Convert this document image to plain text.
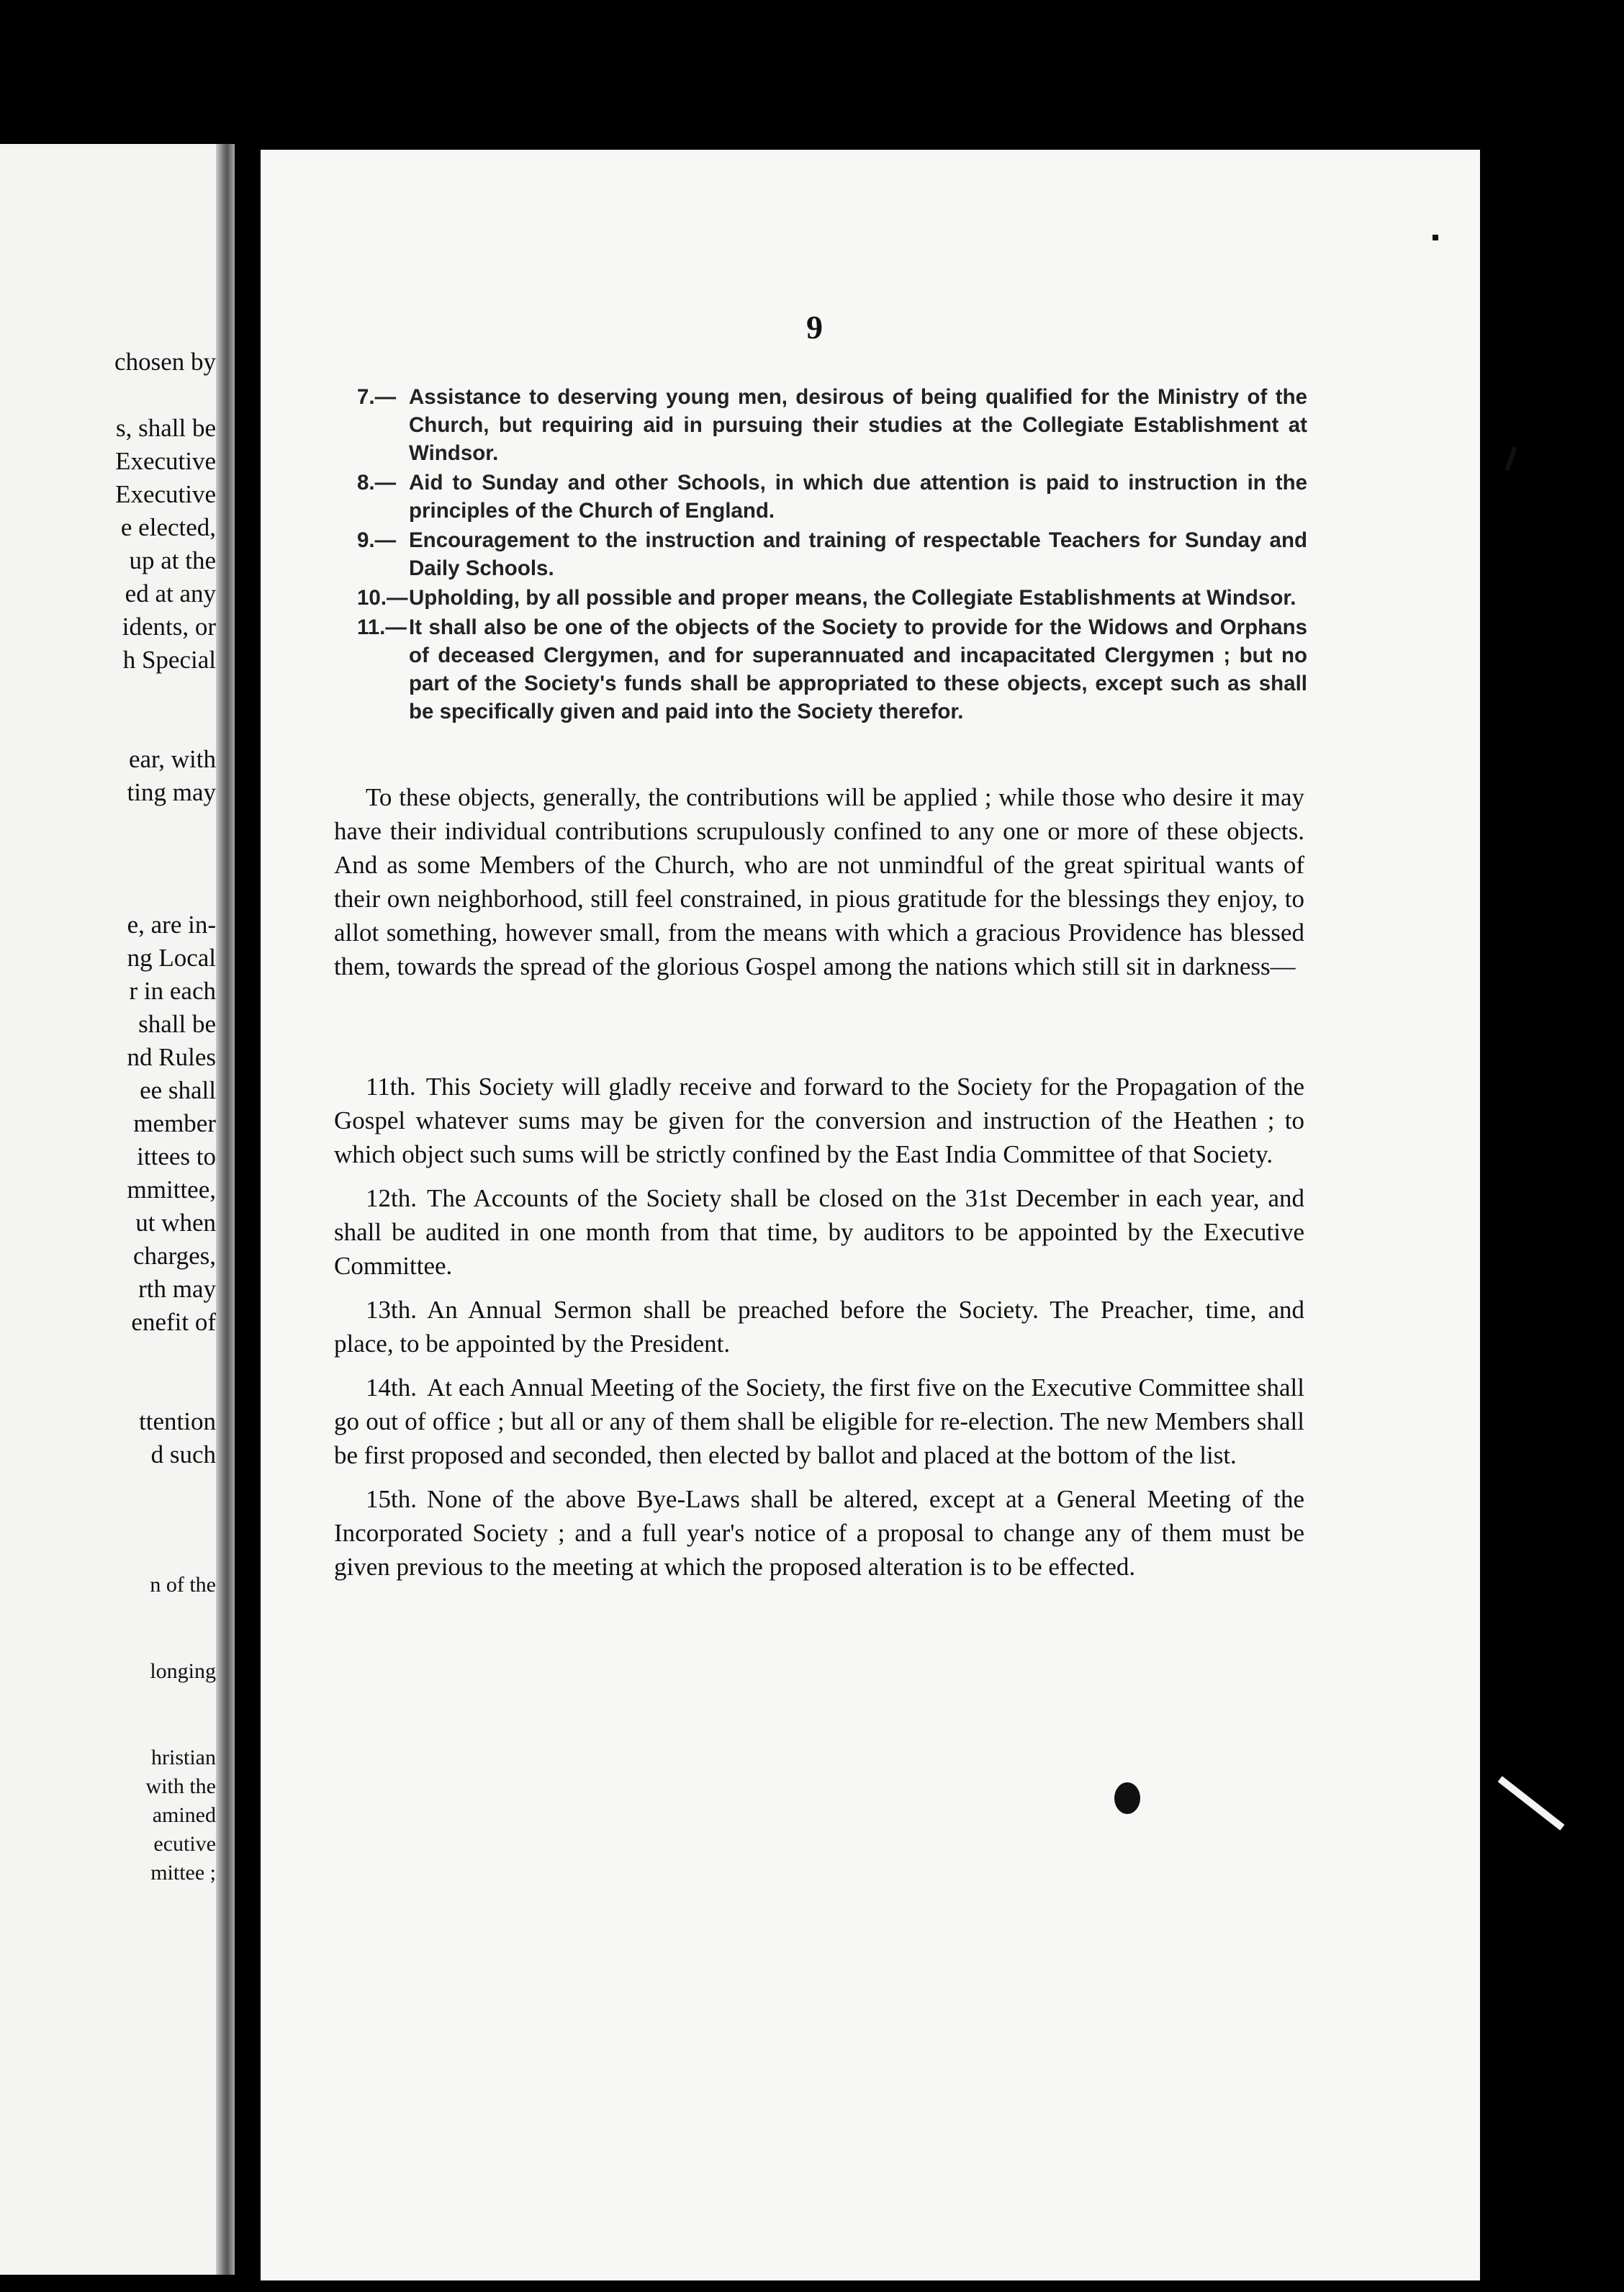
chosen by
s, shall be
Executive
Executive
e elected,
up at the
ed at any
idents, or
h Special
ear, with
ting may
e, are in-
ng Local
r in each
shall be
nd Rules
ee shall
member
ittees to
mmittee,
ut when
charges,
rth may
enefit of
ttention
d such
n of the
longing
hristian
with the
amined
ecutive
mittee ;
9
7.— Assistance to deserving young men, desirous of being qualified for the Ministry of the Church, but requiring aid in pursuing their studies at the Collegiate Establishment at Windsor.
8.— Aid to Sunday and other Schools, in which due attention is paid to instruction in the principles of the Church of England.
9.— Encouragement to the instruction and training of respectable Teachers for Sunday and Daily Schools.
10.— Upholding, by all possible and proper means, the Collegiate Establishments at Windsor.
11.— It shall also be one of the objects of the Society to provide for the Widows and Orphans of deceased Clergymen, and for superannuated and incapacitated Clergymen ; but no part of the Society's funds shall be appropriated to these objects, except such as shall be specifically given and paid into the Society therefor.

To these objects, generally, the contributions will be applied ; while those who desire it may have their individual contributions scrupulously confined to any one or more of these objects. And as some Members of the Church, who are not unmindful of the great spiritual wants of their own neighborhood, still feel constrained, in pious gratitude for the blessings they enjoy, to allot something, however small, from the means with which a gracious Providence has blessed them, towards the spread of the glorious Gospel among the nations which still sit in darkness—

11th. This Society will gladly receive and forward to the Society for the Propagation of the Gospel whatever sums may be given for the conversion and instruction of the Heathen ; to which object such sums will be strictly confined by the East India Committee of that Society.

12th. The Accounts of the Society shall be closed on the 31st December in each year, and shall be audited in one month from that time, by auditors to be appointed by the Executive Committee.

13th. An Annual Sermon shall be preached before the Society. The Preacher, time, and place, to be appointed by the President.

14th. At each Annual Meeting of the Society, the first five on the Executive Committee shall go out of office ; but all or any of them shall be eligible for re-election. The new Members shall be first proposed and seconded, then elected by ballot and placed at the bottom of the list.

15th. None of the above Bye-Laws shall be altered, except at a General Meeting of the Incorporated Society ; and a full year's notice of a proposal to change any of them must be given previous to the meeting at which the proposed alteration is to be effected.
